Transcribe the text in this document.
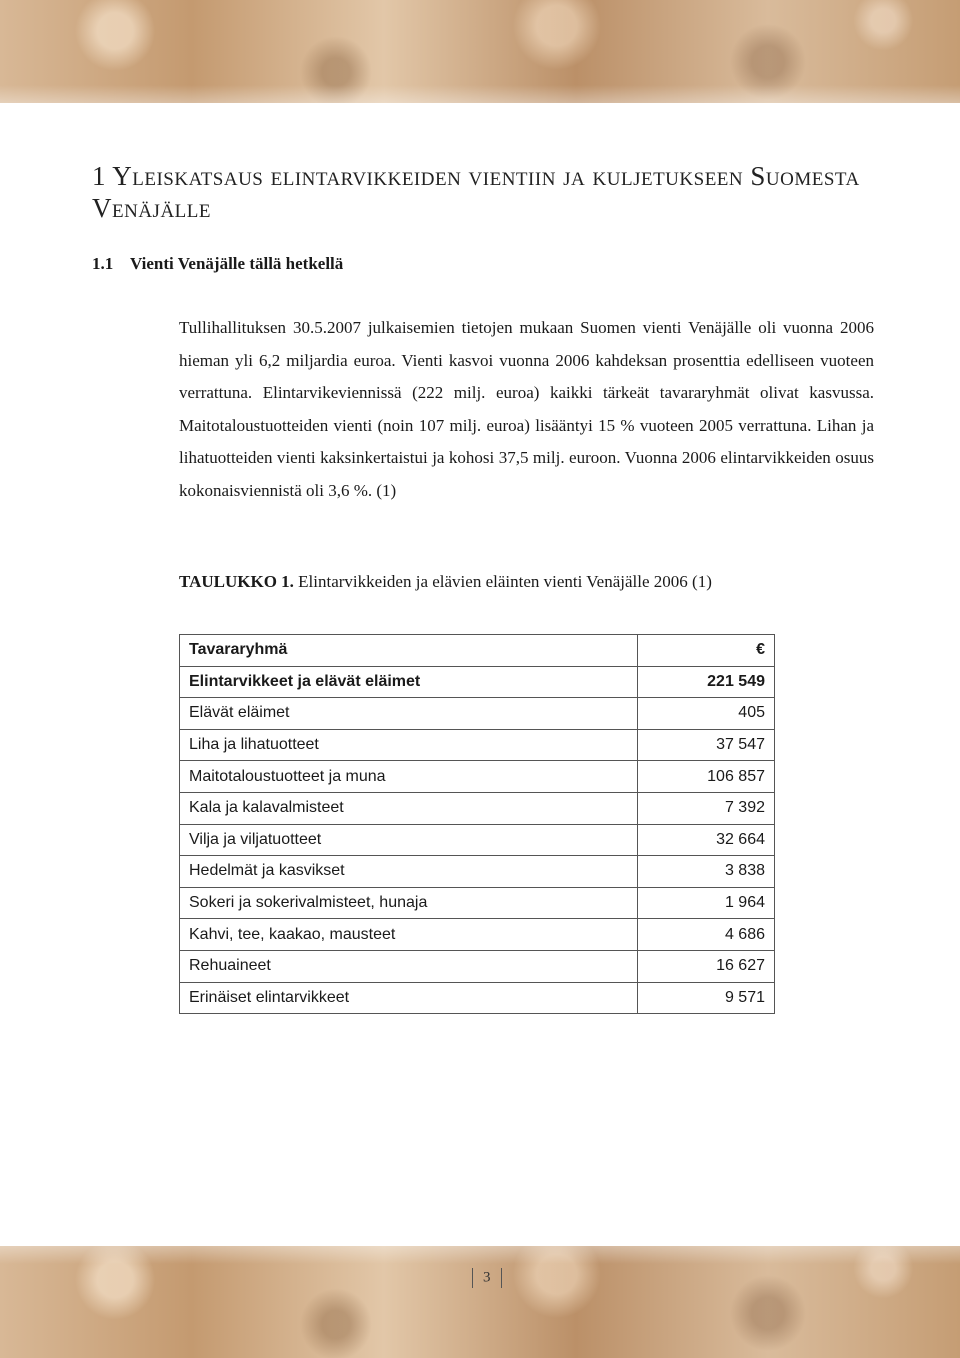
1 Yleiskatsaus elintarvikkeiden vientiin ja kuljetukseen Suomesta Venäjälle
1.1 Vienti Venäjälle tällä hetkellä

Tullihallituksen 30.5.2007 julkaisemien tietojen mukaan Suomen vienti Venäjälle oli vuonna 2006 hieman yli 6,2 miljardia euroa. Vienti kasvoi vuonna 2006 kahdeksan prosenttia edelliseen vuoteen verrattuna. Elintarvikeviennissä (222 milj. euroa) kaikki tärkeät tavararyhmät olivat kasvussa. Maitotaloustuotteiden vienti (noin 107 milj. euroa) lisääntyi 15 % vuoteen 2005 verrattuna. Lihan ja lihatuotteiden vienti kaksinkertaistui ja kohosi 37,5 milj. euroon. Vuonna 2006 elintarvikkeiden osuus kokonaisviennistä oli 3,6 %. (1)

TAULUKKO 1. Elintarvikkeiden ja elävien eläinten vienti Venäjälle 2006 (1)

Tavararyhmä	€
Elintarvikkeet ja elävät eläimet	221 549
Elävät eläimet	405
Liha ja lihatuotteet	37 547
Maitotaloustuotteet ja muna	106 857
Kala ja kalavalmisteet	7 392
Vilja ja viljatuotteet	32 664
Hedelmät ja kasvikset	3 838
Sokeri ja sokerivalmisteet, hunaja	1 964
Kahvi, tee, kaakao, mausteet	4 686
Rehuaineet	16 627
Erinäiset elintarvikkeet	9 571
3
